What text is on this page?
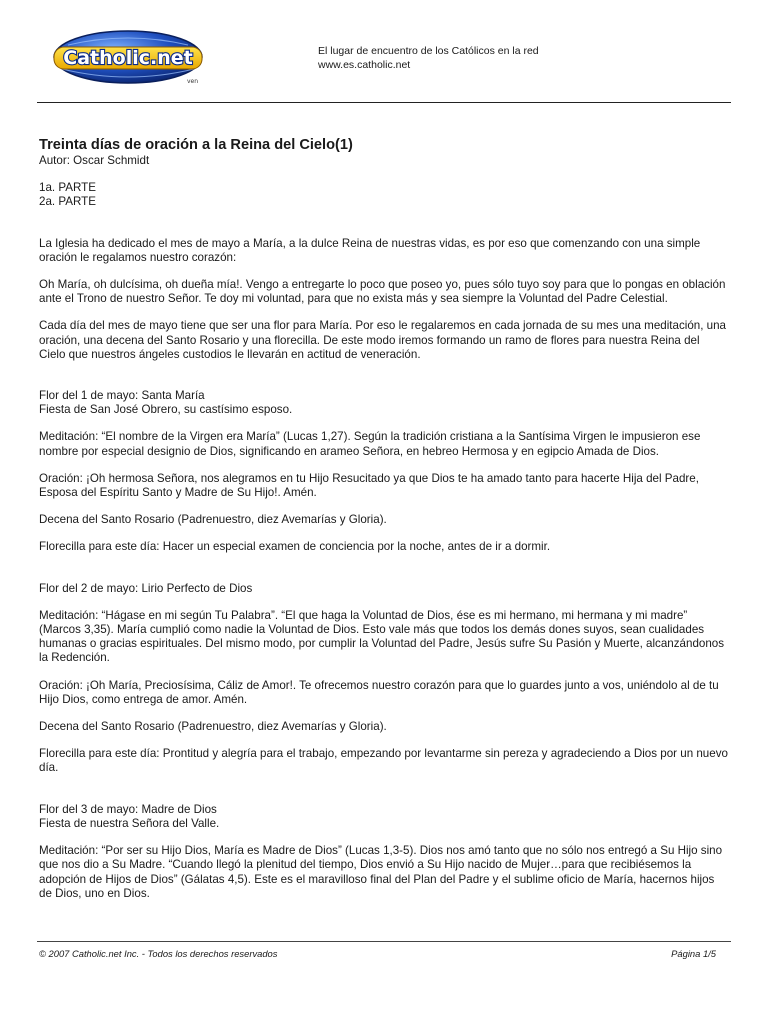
Catholic.net
ven
El lugar de encuentro de los Católicos en la red
www.es.catholic.net
Treinta días de oración a la Reina del Cielo(1)
Autor: Oscar Schmidt
1a. PARTE
2a. PARTE
La Iglesia ha dedicado el mes de mayo a María, a la dulce Reina de nuestras vidas, es por eso que comenzando con una simple oración le regalamos nuestro corazón:
Oh María, oh dulcísima, oh dueña mía!. Vengo a entregarte lo poco que poseo yo, pues sólo tuyo soy para que lo pongas en oblación ante el Trono de nuestro Señor. Te doy mi voluntad, para que no exista más y sea siempre la Voluntad del Padre Celestial.
Cada día del mes de mayo tiene que ser una flor para María. Por eso le regalaremos en cada jornada de su mes una meditación, una oración, una decena del Santo Rosario y una florecilla. De este modo iremos formando un ramo de flores para nuestra Reina del Cielo que nuestros ángeles custodios le llevarán en actitud de veneración.
Flor del 1 de mayo: Santa María
Fiesta de San José Obrero, su castísimo esposo.
Meditación: “El nombre de la Virgen era María” (Lucas 1,27). Según la tradición cristiana a la Santísima Virgen le impusieron ese nombre por especial designio de Dios, significando en arameo Señora, en hebreo Hermosa y en egipcio Amada de Dios.
Oración: ¡Oh hermosa Señora, nos alegramos en tu Hijo Resucitado ya que Dios te ha amado tanto para hacerte Hija del Padre, Esposa del Espíritu Santo y Madre de Su Hijo!. Amén.
Decena del Santo Rosario (Padrenuestro, diez Avemarías y Gloria).
Florecilla para este día: Hacer un especial examen de conciencia por la noche, antes de ir a dormir.
Flor del 2 de mayo: Lirio Perfecto de Dios
Meditación: “Hágase en mi según Tu Palabra”. “El que haga la Voluntad de Dios, ése es mi hermano, mi hermana y mi madre” (Marcos 3,35). María cumplió como nadie la Voluntad de Dios. Esto vale más que todos los demás dones suyos, sean cualidades humanas o gracias espirituales. Del mismo modo, por cumplir la Voluntad del Padre, Jesús sufre Su Pasión y Muerte, alcanzándonos la Redención.
Oración: ¡Oh María, Preciosísima, Cáliz de Amor!. Te ofrecemos nuestro corazón para que lo guardes junto a vos, uniéndolo al de tu Hijo Dios, como entrega de amor. Amén.
Decena del Santo Rosario (Padrenuestro, diez Avemarías y Gloria).
Florecilla para este día: Prontitud y alegría para el trabajo, empezando por levantarme sin pereza y agradeciendo a Dios por un nuevo día.
Flor del 3 de mayo: Madre de Dios
Fiesta de nuestra Señora del Valle.
Meditación: “Por ser su Hijo Dios, María es Madre de Dios” (Lucas 1,3-5). Dios nos amó tanto que no sólo nos entregó a Su Hijo sino que nos dio a Su Madre. “Cuando llegó la plenitud del tiempo, Dios envió a Su Hijo nacido de Mujer…para que recibiésemos la adopción de Hijos de Dios” (Gálatas 4,5). Este es el maravilloso final del Plan del Padre y el sublime oficio de María, hacernos hijos de Dios, uno en Dios.
© 2007 Catholic.net Inc. - Todos los derechos reservados	Página 1/5
